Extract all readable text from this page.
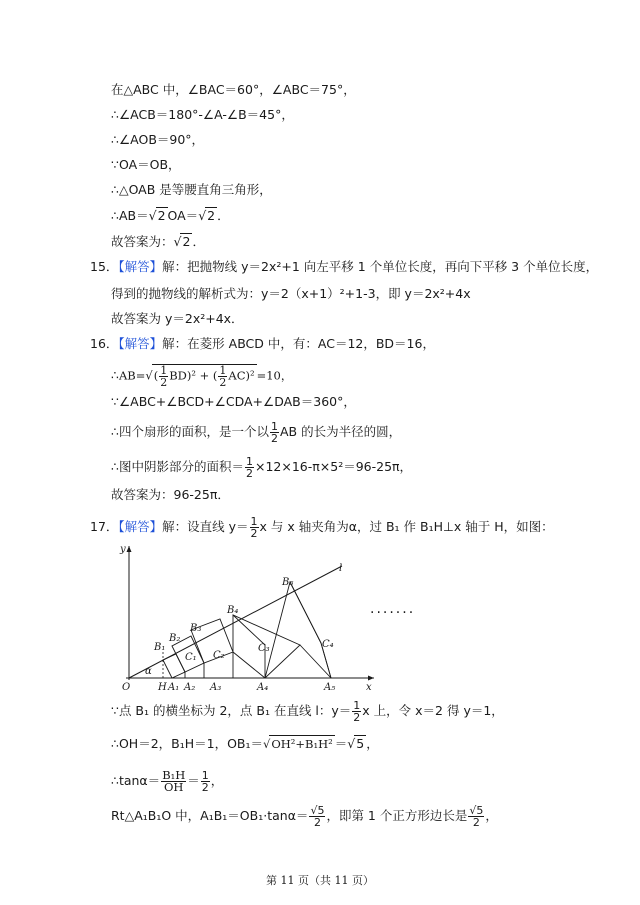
在△ABC 中，∠BAC＝60°，∠ABC＝75°，
∴∠ACB＝180°-∠A-∠B＝45°，
∴∠AOB＝90°，
∵OA＝OB，
∴△OAB 是等腰直角三角形，
∴AB＝√2 OA＝√2 ．
故答案为：√2 ．
15．【解答】解：把抛物线 y＝2x²+1 向左平移 1 个单位长度，再向下平移 3 个单位长度，
得到的抛物线的解析式为：y＝2（x+1）²+1-3，即 y＝2x²+4x
故答案为 y＝2x²+4x．
16．【解答】解：在菱形 ABCD 中，有：AC＝12，BD＝16，
∴AB=√( $\frac{1}{2} BD)^2$ + ( $\frac{1}{2} AC)^2 =10$，
∵∠ABC+∠BCD+∠CDA+∠DAB＝360°，
∴四个扇形的面积，是一个以 $\frac{1}{2}$ AB 的长为半径的圆，
∴图中阴影部分的面积＝ $\frac{1}{2} \times 12\times 16-\pi\times 5^2=96-25\pi$，
故答案为：96-25π．
17．【解答】解：设直线 $y= \frac{1}{2}$ x 与 x 轴夹角为α，过 B₁ 作 B₁H⊥x 轴于 H，如图：
y
x
O	H A₁ A₂ A₃	A₄	A₅
B₁
B₂
B₃
B₄
B₅
C₁ C₂
C₃	C₄
l
α
·······
∵点 B₁ 的横坐标为 2，点 B₁ 在直线 l：$y= \frac{1}{2}$ x 上，令 x＝2 得 y＝1，
∴OH＝2，B₁H＝1，OB₁＝√OH²+B₁H² ＝√5 ，
∴tanα＝ $\frac{\text{B₁H}}{OH} = \frac{1}{2}$ ，
Rt△A₁B₁O 中，$A_1B_1=OB_1\cdot\tan\alpha= \frac{√5}{2}$ ，即第 1 个正方形边长是 $\frac{√5}{2}$ ，
第 11 页（共 11 页）
